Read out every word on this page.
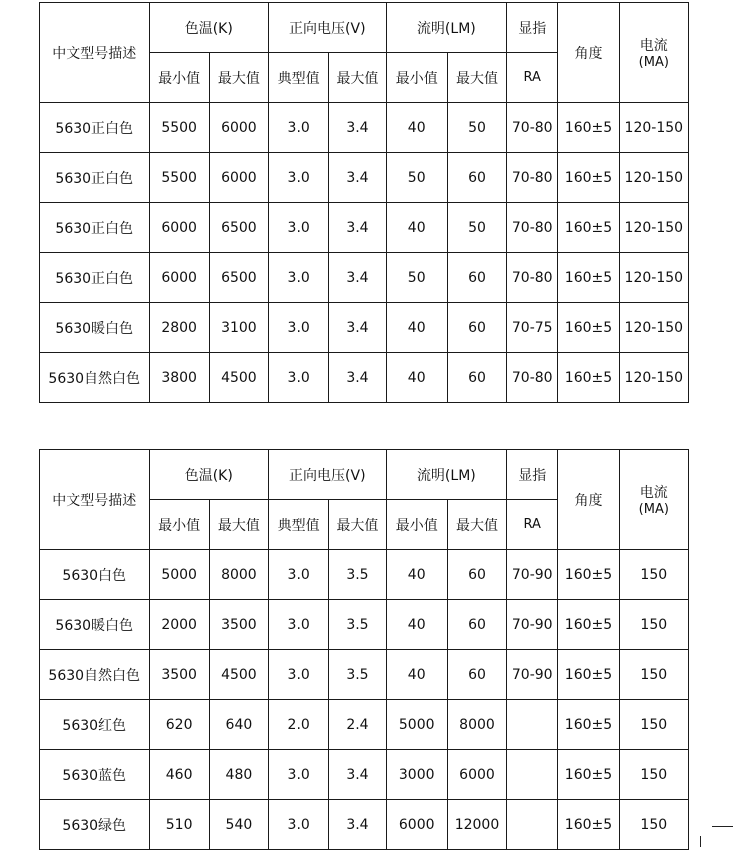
中文型号描述	色温(K)		正向电压(V)		流明(LM)		显指	角度	电流
(MA)

	最小值	最大值	典型值	最大值	最小值	最大值	RA		
5630正白色	5500	6000	3.0	3.4	40	50	70-80	160±5	120-150
5630正白色	5500	6000	3.0	3.4	50	60	70-80	160±5	120-150
5630正白色	6000	6500	3.0	3.4	40	50	70-80	160±5	120-150
5630正白色	6000	6500	3.0	3.4	50	60	70-80	160±5	120-150
5630暖白色	2800	3100	3.0	3.4	40	60	70-75	160±5	120-150
5630自然白色	3800	4500	3.0	3.4	40	60	70-80	160±5	120-150
中文型号描述	色温(K)		正向电压(V)		流明(LM)		显指	角度	电流
(MA)

	最小值	最大值	典型值	最大值	最小值	最大值	RA		
5630白色	5000	8000	3.0	3.5	40	60	70-90	160±5	150
5630暖白色	2000	3500	3.0	3.5	40	60	70-90	160±5	150
5630自然白色	3500	4500	3.0	3.5	40	60	70-90	160±5	150
5630红色	620	640	2.0	2.4	5000	8000		160±5	150
5630蓝色	460	480	3.0	3.4	3000	6000		160±5	150
5630绿色	510	540	3.0	3.4	6000	12000		160±5	150
